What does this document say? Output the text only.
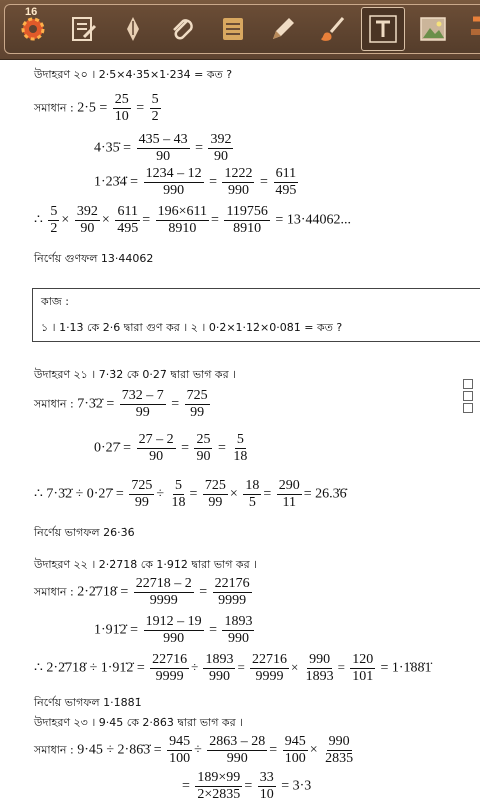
16
উদাহরণ ২০ । 2·5×4·35̇×1·23̇4̇ = কত ?
সমাধান : $2\cdot 5 = \frac{25}{10} = \frac{5}{2}$
4·35̇ = $\frac{435 - 43}{90} = \frac{392}{90}$
1·23̇4̇ = $\frac{1234 - 12}{990} = \frac{1222}{990} = \frac{611}{495}$
∴ $\frac{5}{2} \times \frac{392}{90} \times \frac{611}{495} = \frac{196\times 611}{8910} = \frac{119756}{8910} = 13\cdot 44062$...
নির্ণেয় গুণফল 13·44062
কাজ :
১ । 1·13̇ কে 2·6 দ্বারা গুণ কর । ২ । 0·2̇×1·12̇×0·08̇1̇ = কত ?
উদাহরণ ২১ । 7·3̇2̇ কে 0·27̇ দ্বারা ভাগ কর ।
সমাধান : 7·3̇2̇ = $\frac{732 - 7}{99} = \frac{725}{99}$
0·27̇ = $\frac{27 - 2}{90} = \frac{25}{90} = \frac{5}{18}$
∴ 7·3̇2̇ ÷ 0·27̇ = $\frac{725}{99} \div \frac{5}{18} = \frac{725}{99} \times \frac{18}{5} = \frac{290}{11}$ = 26.3̇6̇
নির্ণেয় ভাগফল 26·3̇6̇
উদাহরণ ২২ । 2·2̇718̇ কে 1·91̇2̇ দ্বারা ভাগ কর ।
সমাধান : 2·2̇718̇ = $\frac{22718 - 2}{9999} = \frac{22176}{9999}$
1·91̇2̇ = $\frac{1912 - 19}{990} = \frac{1893}{990}$
∴ 2·2̇718̇ ÷ 1·91̇2̇ = $\frac{22716}{9999} \div \frac{1893}{990} = \frac{22716}{9999} \times \frac{990}{1893} = \frac{120}{101}$ = 1·1̇88̇1̇
নির্ণেয় ভাগফল 1·1̇88̇1̇
উদাহরণ ২৩ । 9·45 কে 2·86̇3̇ দ্বারা ভাগ কর ।
সমাধান : 9·45 ÷ 2·86̇3̇ = $\frac{945}{100} \div \frac{2863 - 28}{990} = \frac{945}{100} \times \frac{990}{2835}$
= $\frac{189\times 99}{2\times 2835} = \frac{33}{10} = 3\cdot 3$
